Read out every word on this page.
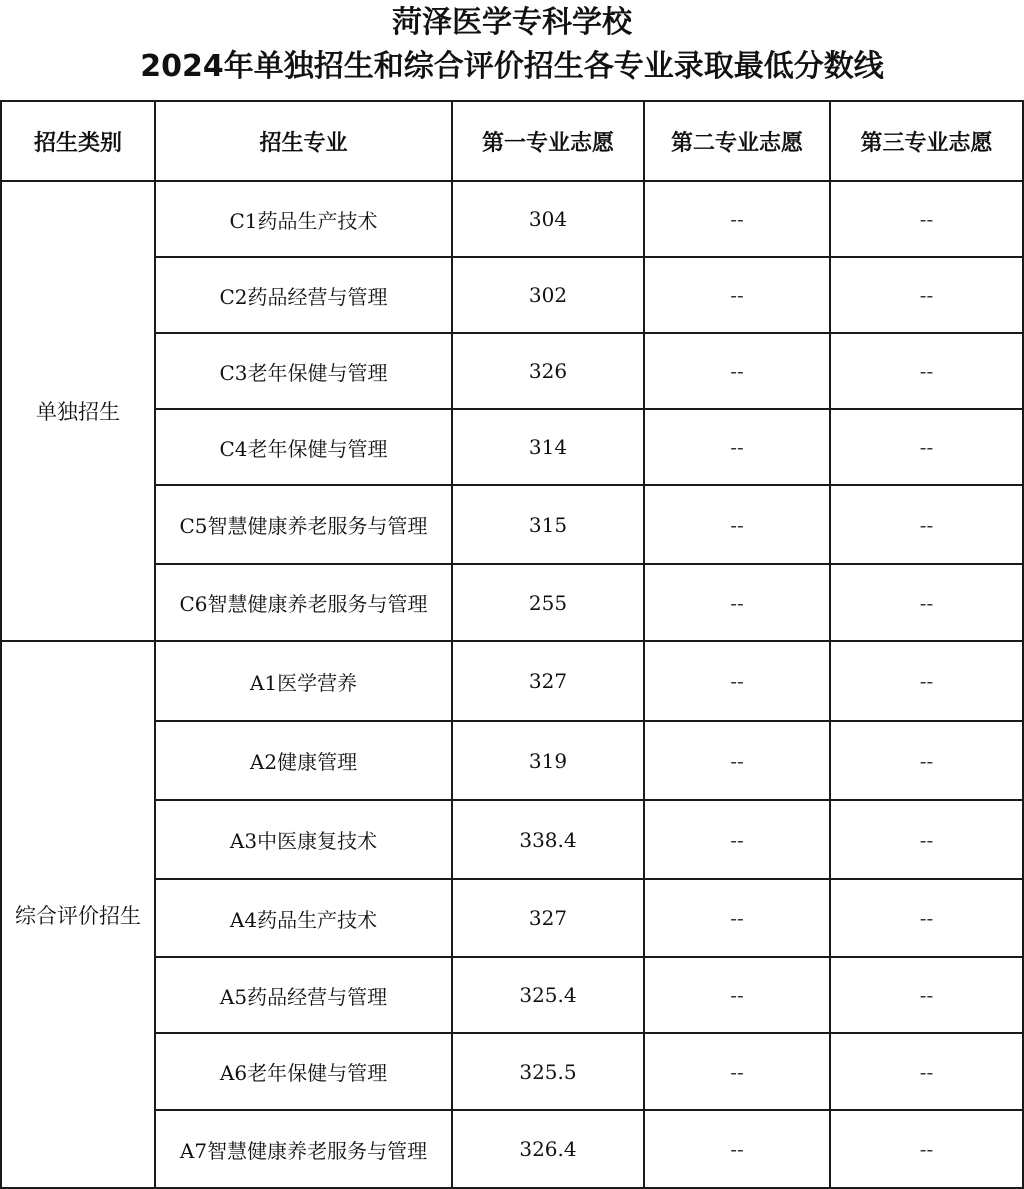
菏泽医学专科学校
2024年单独招生和综合评价招生各专业录取最低分数线
招生类别	招生专业	第一专业志愿	第二专业志愿	第三专业志愿
单独招生	C1药品生产技术	304	--	--
	C2药品经营与管理	302	--	--
	C3老年保健与管理	326	--	--
	C4老年保健与管理	314	--	--
	C5智慧健康养老服务与管理	315	--	--
	C6智慧健康养老服务与管理	255	--	--
综合评价招生	A1医学营养	327	--	--
	A2健康管理	319	--	--
	A3中医康复技术	338.4	--	--
	A4药品生产技术	327	--	--
	A5药品经营与管理	325.4	--	--
	A6老年保健与管理	325.5	--	--
	A7智慧健康养老服务与管理	326.4	--	--
